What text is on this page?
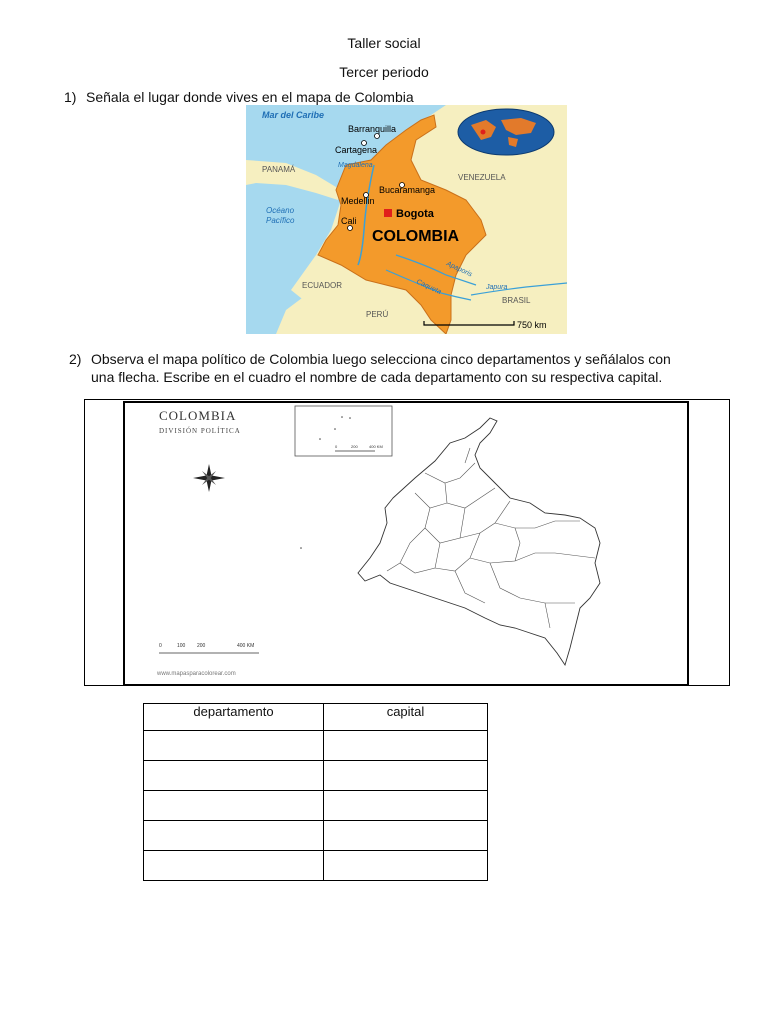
Taller social
Tercer periodo
1) Señala el lugar donde vives en el mapa de Colombia
Mar del Caribe
PANAMÁ
Océano
Pacífico
VENEZUELA
ECUADOR
PERÚ
BRASIL
Magdalena
Apaporis
Caqueta	Japura
Barranquilla
Cartagena
Bucaramanga
Medellin
Cali
Bogota
COLOMBIA
750 km
2) Observa el mapa político de Colombia luego selecciona cinco departamentos y señálalos con
una flecha. Escribe en el cuadro el nombre de cada departamento con su respectiva capital.
COLOMBIA
DIVISIÓN POLÍTICA
0	200	400 KM
0	100 200	400 KM
www.mapasparacolorear.com
departamento	capital
